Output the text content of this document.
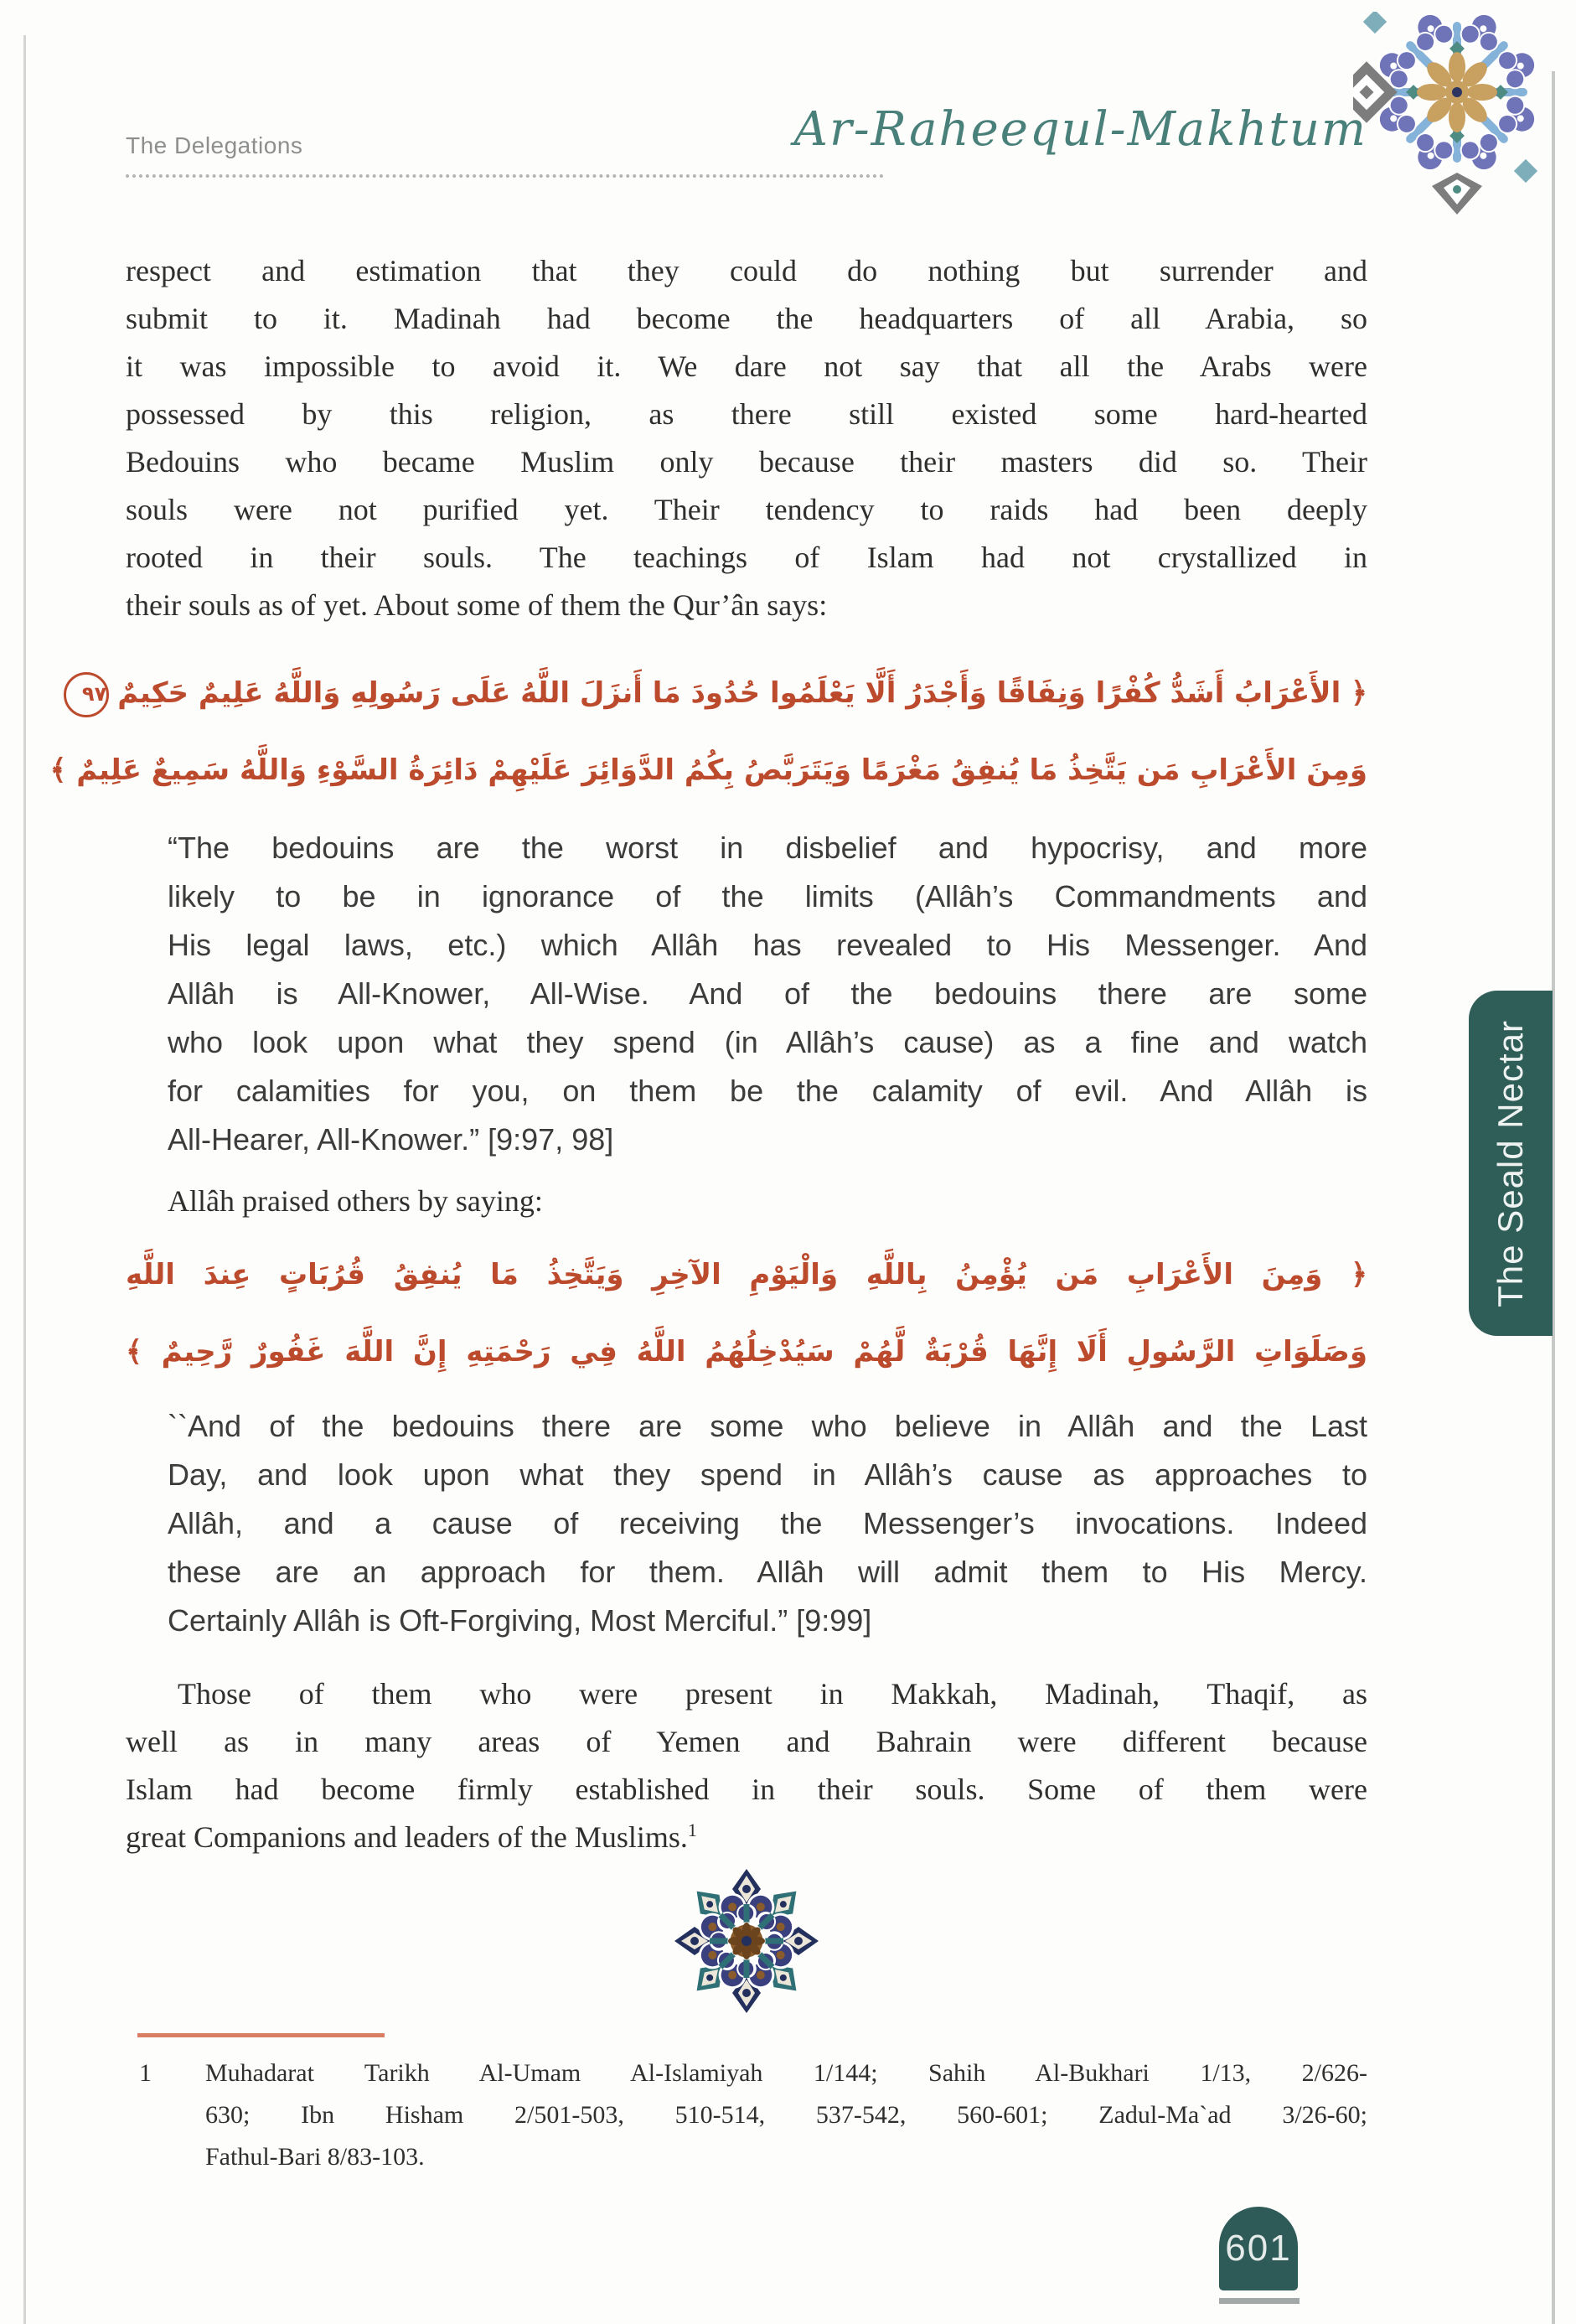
The Delegations	Ar-Raheequl-Makhtum
respect and estimation that they could do nothing but surrender and
submit to it. Madinah had become the headquarters of all Arabia, so
it was impossible to avoid it. We dare not say that all the Arabs were
possessed by this religion, as there still existed some hard-hearted
Bedouins who became Muslim only because their masters did so. Their
souls were not purified yet. Their tendency to raids had been deeply
rooted in their souls. The teachings of Islam had not crystallized in
their souls as of yet. About some of them the Qur’ân says:
﴿ الأَعْرَابُ أَشَدُّ كُفْرًا وَنِفَاقًا وَأَجْدَرُ أَلَّا يَعْلَمُوا حُدُودَ مَا أَنزَلَ اللَّهُ عَلَى رَسُولِهِ وَاللَّهُ عَلِيمٌ حَكِيمٌ٩٧
وَمِنَ الأَعْرَابِ مَن يَتَّخِذُ مَا يُنفِقُ مَغْرَمًا وَيَتَرَبَّصُ بِكُمُ الدَّوَائِرَ عَلَيْهِمْ دَائِرَةُ السَّوْءِ وَاللَّهُ سَمِيعٌ عَلِيمٌ ﴾
“The bedouins are the worst in disbelief and hypocrisy, and more
likely to be in ignorance of the limits (Allâh’s Commandments and
His legal laws, etc.) which Allâh has revealed to His Messenger. And
Allâh is All-Knower, All-Wise. And of the bedouins there are some
who look upon what they spend (in Allâh’s cause) as a fine and watch
for calamities for you, on them be the calamity of evil. And Allâh is
All-Hearer, All-Knower.” [9:97, 98]
Allâh praised others by saying:
﴿ وَمِنَ الأَعْرَابِ مَن يُؤْمِنُ بِاللَّهِ وَالْيَوْمِ الآخِرِ وَيَتَّخِذُ مَا يُنفِقُ قُرُبَاتٍ عِندَ اللَّهِ
وَصَلَوَاتِ الرَّسُولِ أَلَا إِنَّهَا قُرْبَةٌ لَّهُمْ سَيُدْخِلُهُمُ اللَّهُ فِي رَحْمَتِهِ إِنَّ اللَّهَ غَفُورٌ رَّحِيمٌ ﴾
``And of the bedouins there are some who believe in Allâh and the Last
Day, and look upon what they spend in Allâh’s cause as approaches to
Allâh, and a cause of receiving the Messenger’s invocations. Indeed
these are an approach for them. Allâh will admit them to His Mercy.
Certainly Allâh is Oft-Forgiving, Most Merciful.” [9:99]
Those of them who were present in Makkah, Madinah, Thaqif, as
well as in many areas of Yemen and Bahrain were different because
Islam had become firmly established in their souls. Some of them were
great Companions and leaders of the Muslims.$^1$
1	Muhadarat Tarikh Al-Umam Al-Islamiyah 1/144; Sahih Al-Bukhari 1/13, 2/626-
630; Ibn Hisham 2/501-503, 510-514, 537-542, 560-601; Zadul-Ma`ad 3/26-60;
Fathul-Bari 8/83-103.
The Seald Nectar
601
